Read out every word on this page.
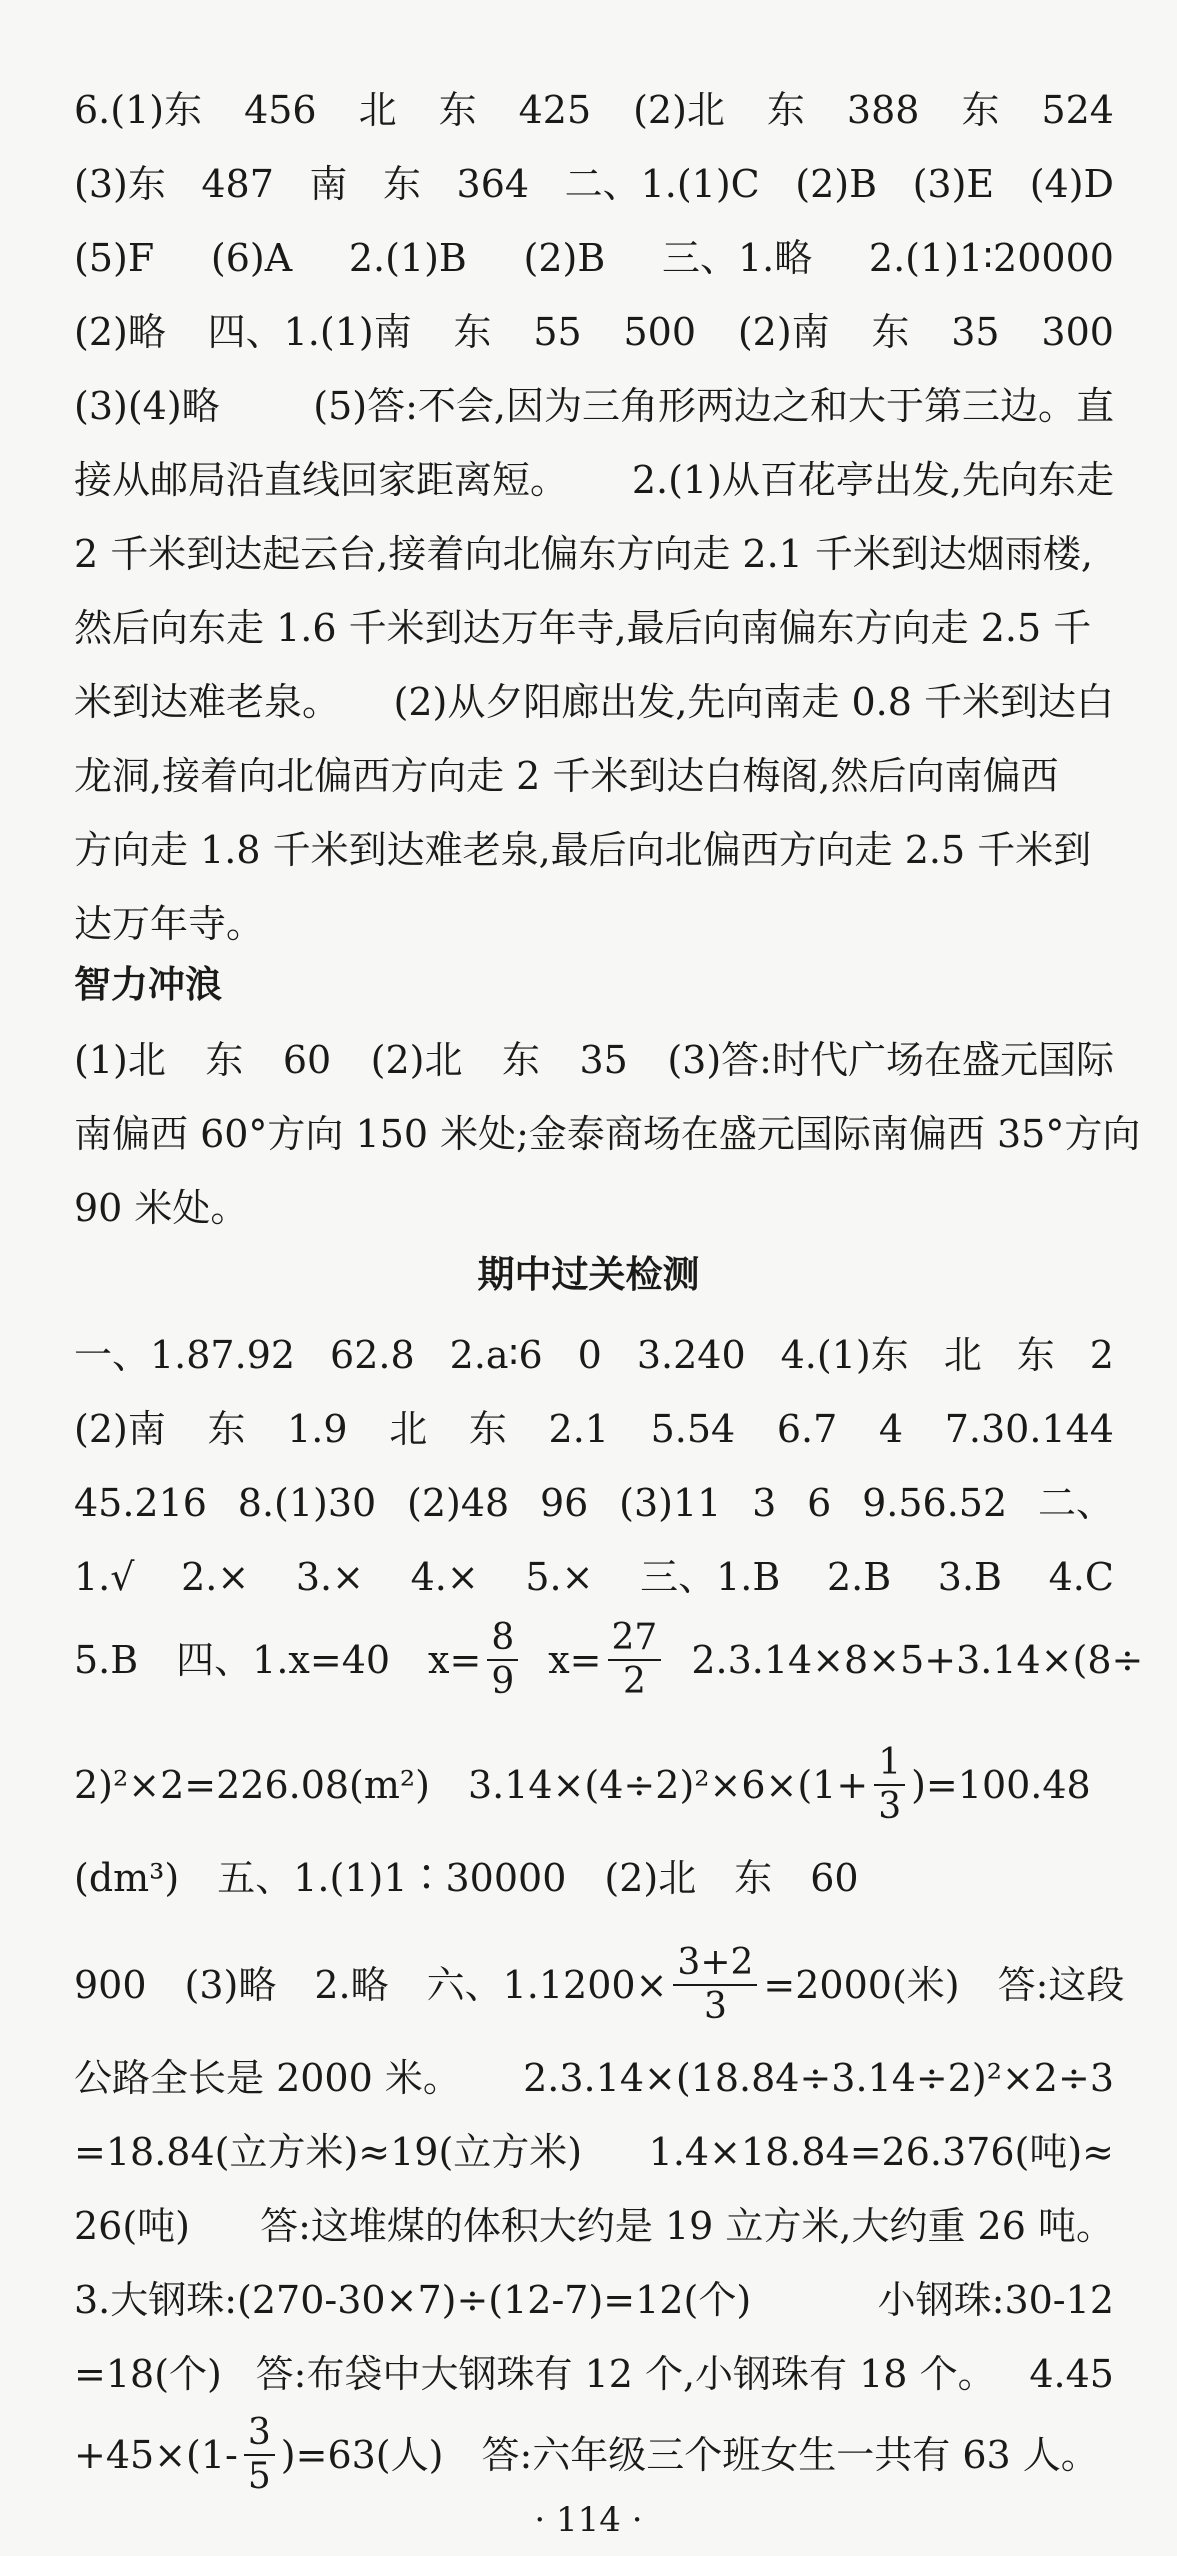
6.(1)东 456 北 东 425 (2)北 东 388 东 524
(3)东 487 南 东 364 二、1.(1)C (2)B (3)E (4)D
(5)F (6)A 2.(1)B (2)B 三、1.略 2.(1)1∶20000
(2)略 四、1.(1)南 东 55 500 (2)南 东 35 300
(3)(4)略 (5)答:不会,因为三角形两边之和大于第三边。直
接从邮局沿直线回家距离短。 2.(1)从百花亭出发,先向东走
2 千米到达起云台,接着向北偏东方向走 2.1 千米到达烟雨楼,
然后向东走 1.6 千米到达万年寺,最后向南偏东方向走 2.5 千
米到达难老泉。 (2)从夕阳廊出发,先向南走 0.8 千米到达白
龙洞,接着向北偏西方向走 2 千米到达白梅阁,然后向南偏西
方向走 1.8 千米到达难老泉,最后向北偏西方向走 2.5 千米到
达万年寺。
智力冲浪
(1)北 东 60 (2)北 东 35 (3)答:时代广场在盛元国际
南偏西 60°方向 150 米处;金泰商场在盛元国际南偏西 35°方向
90 米处。
期中过关检测
一、1.87.92 62.8 2.a∶6 0 3.240 4.(1)东 北 东 2
(2)南 东 1.9 北 东 2.1 5.54 6.7 4 7.30.144
45.216 8.(1)30 (2)48 96 (3)11 3 6 9.56.52 二、
1.√ 2.× 3.× 4.× 5.× 三、1.B 2.B 3.B 4.C
5.B　四、1.x=40　$x= \frac{8}{9} x= \frac{27}{2} 2.3.14\times 8\times 5+3.14\times(8\div$
2)²×2=226.08(m²)　$3.14\times(4\div 2)^2\times 6\times(1+ \frac{1}{3} )=100.48$
(dm³)　五、1.(1)1∶30000　(2)北　东　60
900　(3)略　2.略　六、$1.1200\times \frac{3+2}{3} =2000$(米)　答:这段
公路全长是 2000 米。 2.3.14×(18.84÷3.14÷2)²×2÷3
=18.84(立方米)≈19(立方米) 1.4×18.84=26.376(吨)≈
26(吨) 答:这堆煤的体积大约是 19 立方米,大约重 26 吨。
3.大钢珠:(270-30×7)÷(12-7)=12(个)	小钢珠:30-12
=18(个) 答:布袋中大钢珠有 12 个,小钢珠有 18 个。 4.45
$+45\times(1- \frac{3}{5} )=63$(人)　答:六年级三个班女生一共有 63 人。
· 114 ·
